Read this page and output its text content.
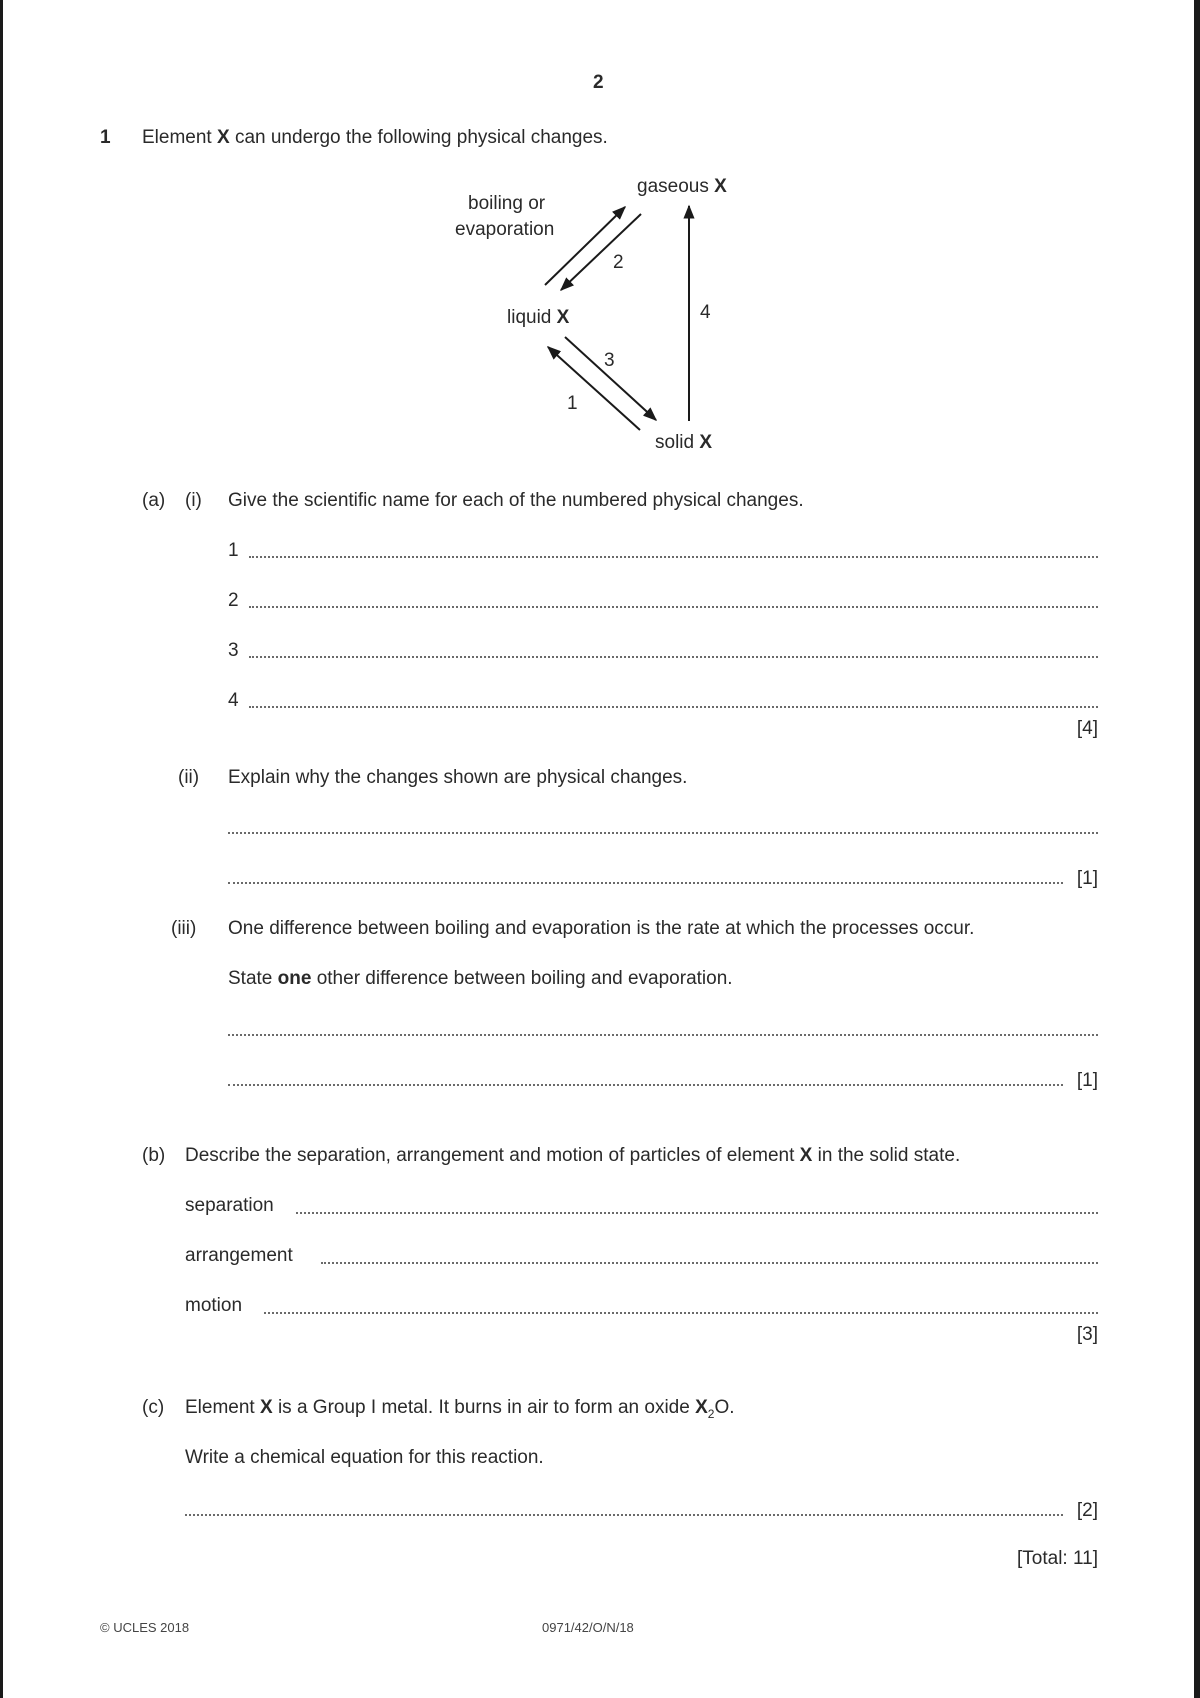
2
1 Element X can undergo the following physical changes.
gaseous X
boiling or
evaporation
liquid X
solid X
2
4
3
1
(a) (i) Give the scientific name for each of the numbered physical changes.
1
2
3
4
[4]
(ii) Explain why the changes shown are physical changes.
[1]
(iii) One difference between boiling and evaporation is the rate at which the processes occur.
State one other difference between boiling and evaporation.
[1]
(b) Describe the separation, arrangement and motion of particles of element X in the solid state.
separation
arrangement
motion
[3]
(c) Element X is a Group I metal. It burns in air to form an oxide $X_2O$.
Write a chemical equation for this reaction.
[2]
[Total: 11]
© UCLES 2018	0971/42/O/N/18
